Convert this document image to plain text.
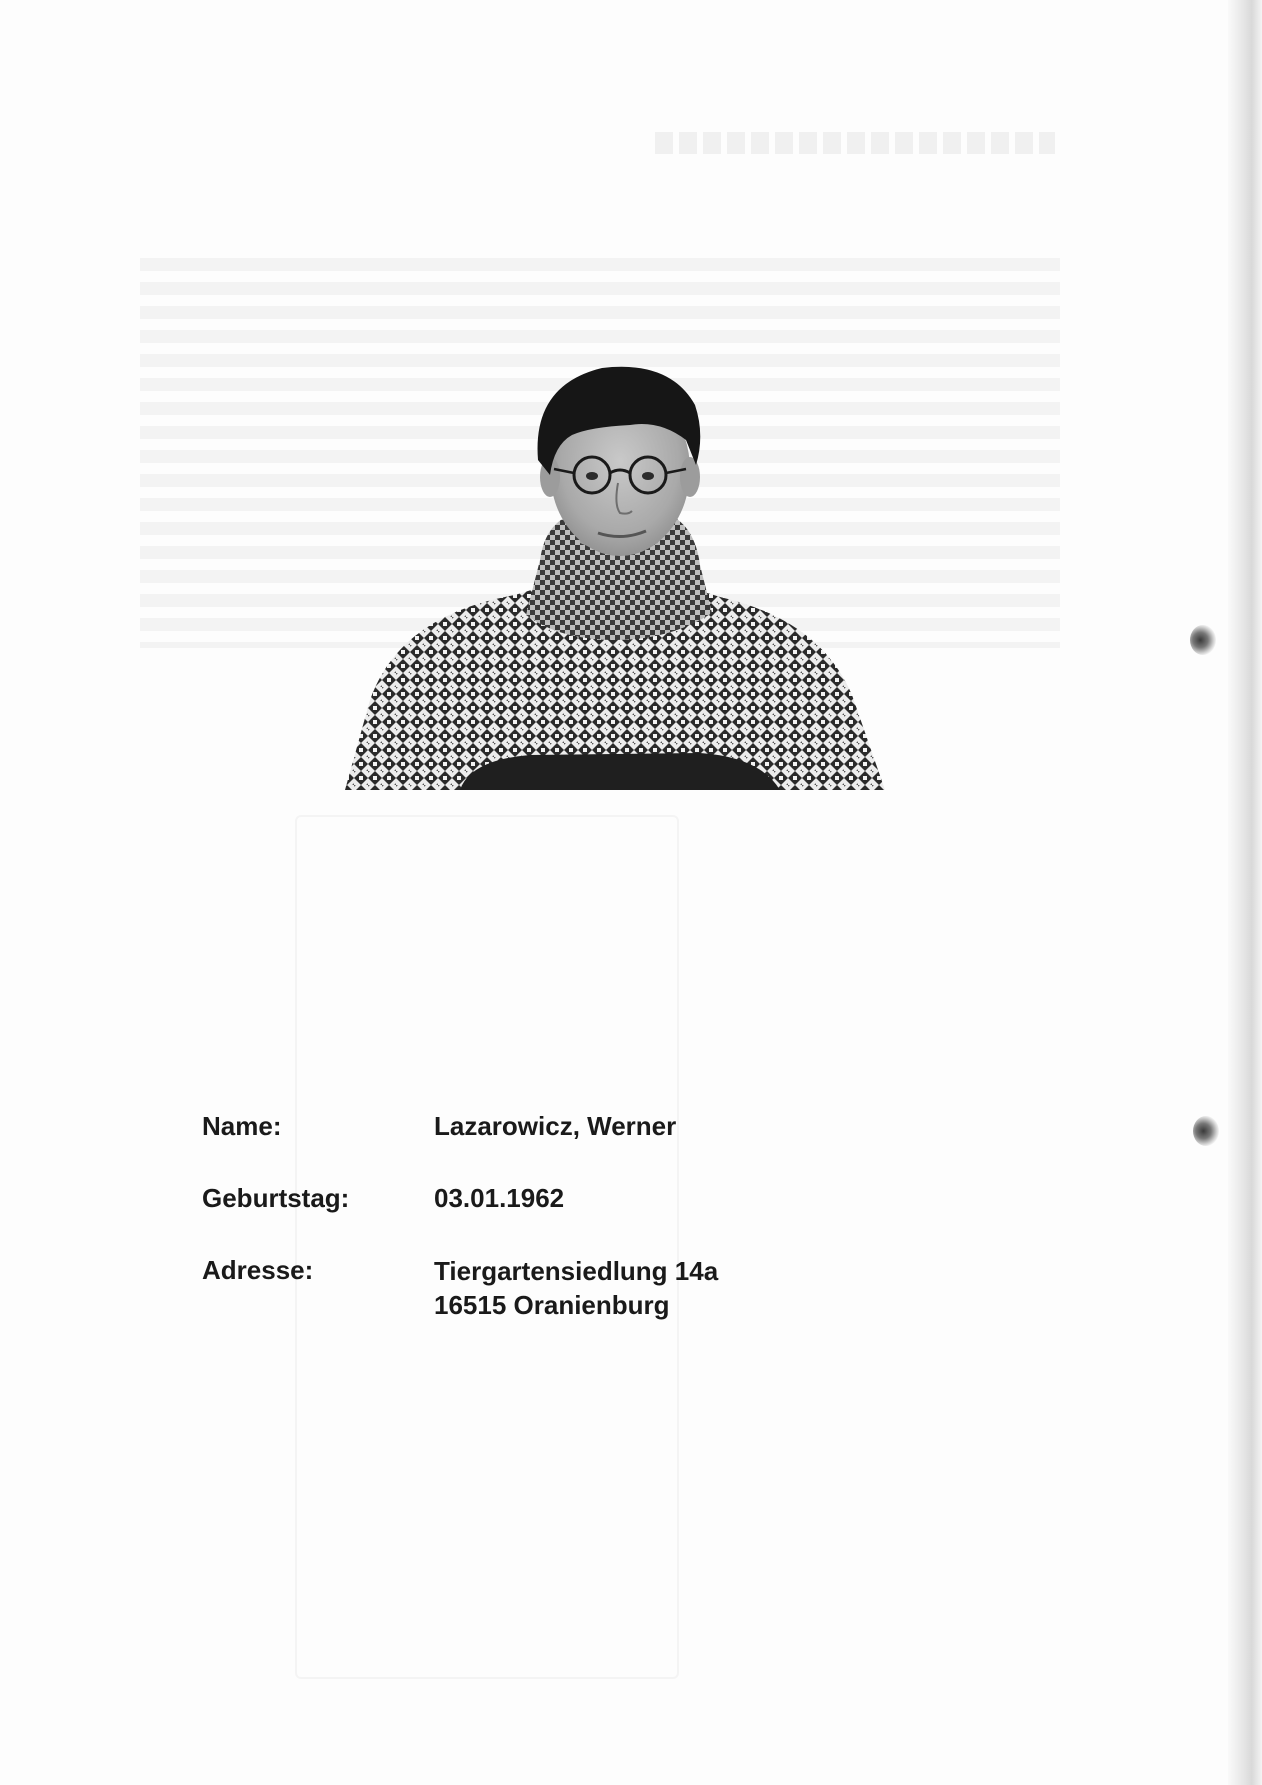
Name:	Lazarowicz, Werner
Geburtstag:	03.01.1962
Adresse:	Tiergartensiedlung 14a
16515 Oranienburg
